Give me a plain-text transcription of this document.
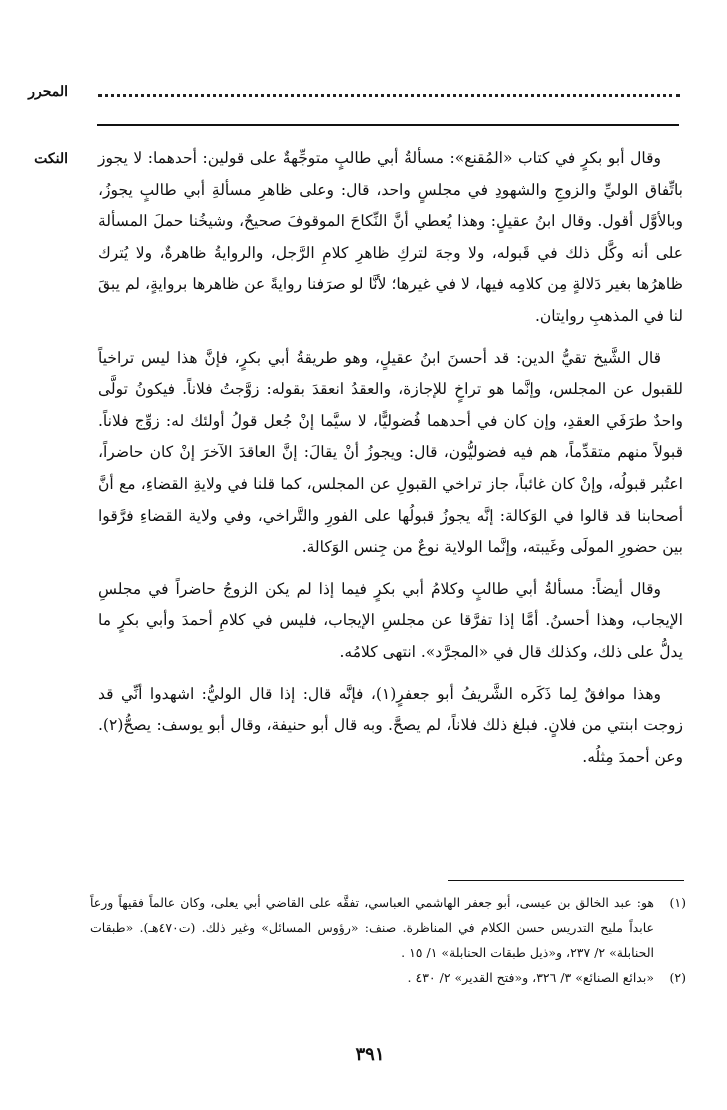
المحرر
النكت وقال أبو بكرٍ في كتاب «المُقنع»: مسألةُ أبي طالبٍ متوجِّهةٌ على قولين: أحدهما: لا يجوز باتِّفاق الوليِّ والزوجِ والشهودِ في مجلسٍ واحد، قال: وعلى ظاهرِ مسألةِ أبي طالبٍ يجوزُ، وبالأوَّل أقول. وقال ابنُ عقيلٍ: وهذا يُعطي أنَّ النِّكاحَ الموقوفَ صحيحٌ، وشيخُنا حملَ المسألة على أنه وكَّل ذلك في قَبوله، ولا وجهَ لتركِ ظاهرِ كلامِ الرَّجل، والروايةُ ظاهرةٌ، ولا يُترك ظاهرُها بغير دَلالةٍ مِن كلامِه فيها، لا في غيرها؛ لأنَّا لو صرَفنا روايةً عن ظاهرها بروايةٍ، لم يبقَ لنا في المذهبِ روايتان.

قال الشَّيخ تقيُّ الدين: قد أحسنَ ابنُ عقيلٍ، وهو طريقةُ أبي بكرٍ، فإنَّ هذا ليس تراخياً للقبول عن المجلس، وإنَّما هو تراخٍ للإجازة، والعقدُ انعقدَ بقوله: زوَّجتُ فلاناً. فيكونُ تولَّى واحدٌ طرَفَي العقدِ، وإن كان في أحدهما فُضوليًّا، لا سيَّما إنْ جُعل قولُ أولئك له: زوِّج فلاناً. قبولاً منهم متقدِّماً، هم فيه فضوليُّون، قال: ويجوزُ أنْ يقالَ: إنَّ العاقدَ الآخرَ إنْ كان حاضراً، اعتُبر قبولُه، وإنْ كان غائباً، جاز تراخي القبولِ عن المجلس، كما قلنا في ولايةِ القضاءِ، مع أنَّ أصحابنا قد قالوا في الوَكالة: إنَّه يجوزُ قبولُها على الفورِ والتَّراخي، وفي ولاية القضاءِ فرَّقوا بين حضورِ المولَى وغَيبته، وإنَّما الولاية نوعٌ من جِنس الوَكالة.

وقال أيضاً: مسألةُ أبي طالبٍ وكلامُ أبي بكرٍ فيما إذا لم يكن الزوجُ حاضراً في مجلسِ الإيجاب، وهذا أحسنُ. أمَّا إذا تفرَّقا عن مجلسِ الإيجاب، فليس في كلامِ أحمدَ وأبي بكرٍ ما يدلُّ على ذلك، وكذلك قال في «المجرَّد». انتهى كلامُه.

وهذا موافقٌ لِما ذَكَره الشَّريفُ أبو جعفرٍ(١)، فإنَّه قال: إذا قال الوليُّ: اشهدوا أنِّي قد زوجت ابنتي من فلانٍ. فبلغ ذلك فلاناً، لم يصحَّ. وبه قال أبو حنيفة، وقال أبو يوسف: يصحُّ(٢). وعن أحمدَ مِثلُه.

(١)
هو: عبد الخالق بن عيسى، أبو جعفر الهاشمي العباسي، تفقَّه على القاضي أبي يعلى، وكان عالماً فقيهاً ورعاً عابداً مليح التدريس حسن الكلام في المناظرة. صنف: «رؤوس المسائل» وغير ذلك. (ت٤٧٠هـ). «طبقات الحنابلة» ٢/ ٢٣٧، و«ذيل طبقات الحنابلة» ١/ ١٥ .
(٢)
«بدائع الصنائع» ٣/ ٣٢٦، و«فتح القدير» ٢/ ٤٣٠ .
٣٩١
